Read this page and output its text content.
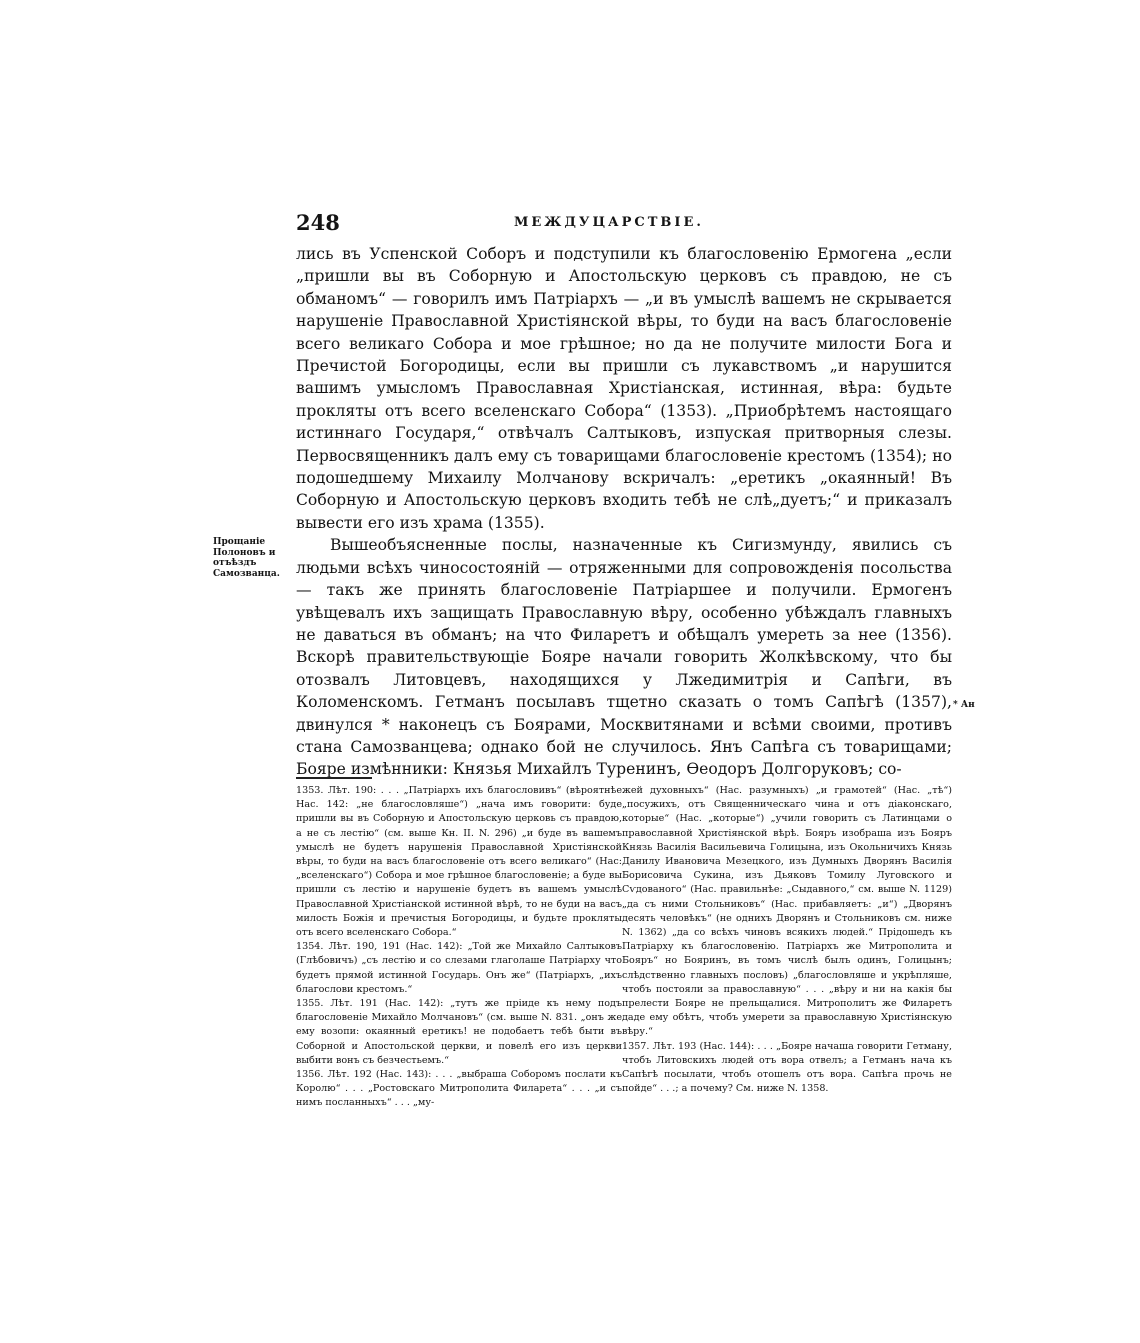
248	МЕЖДУЦАРСТВІЕ.
Прощаніе Полоновъ и отъѣздъ Самозванца.
* Ан

лись въ Успенской Соборъ и подступили къ благословенію Ермогена „если „пришли вы въ Соборную и Апостольскую церковъ съ правдою, не съ обманомъ“ — говорилъ имъ Патріархъ — „и въ умыслѣ вашемъ не скрывается нарушеніе Православной Христіянской вѣры, то буди на васъ благословеніе всего великаго Собора и мое грѣшное; но да не получите милости Бога и Пречистой Богородицы, если вы пришли съ лукавствомъ „и нарушится вашимъ умысломъ Православная Христіанская, истинная, вѣра: будьте прокляты отъ всего вселенскаго Собора“ (1353). „Приобрѣтемъ настоящаго истиннаго Государя,“ отвѣчалъ Салтыковъ, изпуская притворныя слезы. Первосвященникъ далъ ему съ товарищами благословеніе крестомъ (1354); но подошедшему Михаилу Молчанову вскричалъ: „еретикъ „окаянный! Въ Соборную и Апостольскую церковъ входить тебѣ не слѣ„дуетъ;“ и приказалъ вывести его изъ храма (1355).

Вышеобъясненные послы, назначенные къ Сигизмунду, явились съ людьми всѣхъ чиносостояній — отряженными для сопровожденія посольства — такъ же принять благословеніе Патріаршее и получили. Ермогенъ увѣщевалъ ихъ защищать Православную вѣру, особенно убѣждалъ главныхъ не даваться въ обманъ; на что Филаретъ и обѣщалъ умереть за нее (1356). Вскорѣ правительствующіе Бояре начали говорить Жолкѣвскому, что бы отозвалъ Литовцевъ, находящихся у Лжедимитрія и Сапѣги, въ Коломенскомъ. Гетманъ посылавъ тщетно сказать о томъ Сапѣгѣ (1357), двинулся * наконецъ съ Боярами, Москвитянами и всѣми своими, противъ стана Самозванцева; однако бой не случилось. Янъ Сапѣга съ товарищами; Бояре измѣнники: Князья Михайлъ Туренинъ, Ѳеодоръ Долгоруковъ; со-

1353. Лѣт. 190: . . . „Патріархъ ихъ благословивъ“ (вѣроятнѣе Нас. 142: „не благословляше“) „нача имъ говорити: буде пришли вы въ Соборную и Апостольскую церковь съ правдою, а не съ лестію“ (см. выше Кн. II. N. 296) „и буде въ вашемъ умыслѣ не будетъ нарушенія Православной Христіянской вѣры, то буди на васъ благословеніе отъ всего великаго“ (Нас: „вселенскаго“) Собора и мое грѣшное благословеніе; а буде вы пришли съ лестію и нарушеніе будетъ въ вашемъ умыслѣ Православной Христіанской истинной вѣрѣ, то не буди на васъ милость Божія и пречистыя Богородицы, и будьте прокляты отъ всего вселенскаго Собора.“

1354. Лѣт. 190, 191 (Нас. 142): „Той же Михайло Салтыковъ (Глѣбовичъ) „съ лестію и со слезами глаголаше Патріарху что будетъ прямой истинной Государь. Онъ же“ (Патріархъ, „ихъ благослови крестомъ.“

1355. Лѣт. 191 (Нас. 142): „тутъ же пріиде къ нему подъ благословеніе Михайло Молчановъ“ (см. выше N. 831. „онъ же ему возопи: окаянный еретикъ! не подобаетъ тебѣ быти въ Соборной и Апостольской церкви, и повелѣ его изъ церкви выбити вонъ съ безчестьемъ.“

1356. Лѣт. 192 (Нас. 143): . . . „выбраша Соборомъ послати къ Королю“ . . . „Ростовскаго Митрополита Филарета“ . . . „и съ нимъ посланныхъ“ . . . „му-

жей духовныхъ“ (Нас. разумныхъ) „и грамотей“ (Нас. „тѣ“) „посужихъ, отъ Священническаго чина и отъ діаконскаго, которые“ (Нас. „которые“) „учили говорить съ Латинцами о православной Христіянской вѣрѣ. Бояръ изобраша изъ Бояръ Князь Василія Васильевича Голицына, изъ Окольничихъ Князь Данилу Ивановича Мезецкого, изъ Думныхъ Дворянъ Василія Борисовича Сукина, изъ Дьяковъ Томилу Луговского и Сѵдованого“ (Нас. правильнѣе: „Сыдавного,“ см. выше N. 1129) „да съ ними Стольниковъ“ (Нас. прибавляетъ: „и“) „Дворянъ десять человѣкъ“ (не однихъ Дворянъ и Стольниковъ см. ниже N. 1362) „да со всѣхъ чиновъ всякихъ людей.“ Прідошедъ къ Патріарху къ благословенію. Патріархъ же Митрополита и Бояръ“ но Бояринъ, въ томъ числѣ былъ одинъ, Голицынъ; слѣдственно главныхъ пословъ) „благословляше и укрѣпляше, чтобъ постояли за православную“ . . . „вѣру и ни на какія бы прелести Бояре не прельщалися. Митрополитъ же Филаретъ даде ему обѣтъ, чтобъ умерети за православную Христіянскую вѣру.“

1357. Лѣт. 193 (Нас. 144): . . . „Бояре начаша говорити Гетману, чтобъ Литовскихъ людей отъ вора отвелъ; а Гетманъ нача къ Сапѣгѣ посылати, чтобъ отошелъ отъ вора. Сапѣга прочь не пойде“ . . .; а почему? См. ниже N. 1358.
